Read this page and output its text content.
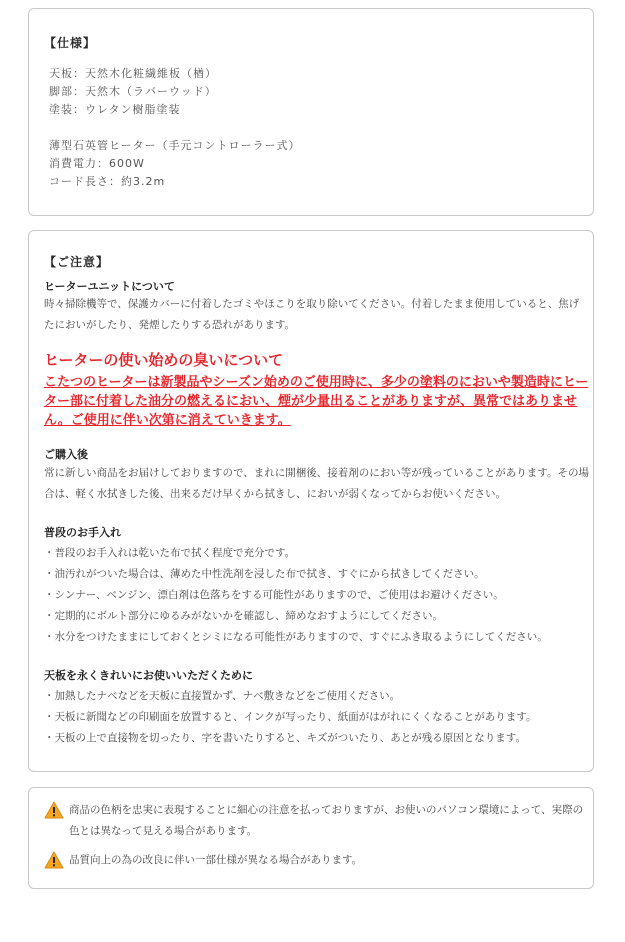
【仕様】
天板：天然木化粧繊維板（楢）
脚部：天然木（ラバーウッド）
塗装：ウレタン樹脂塗装
薄型石英管ヒーター（手元コントローラー式）
消費電力：600W
コード長さ：約3.2m
【ご注意】
ヒーターユニットについて
時々掃除機等で、保護カバーに付着したゴミやほこりを取り除いてください。付着したまま使用していると、焦げたにおいがしたり、発煙したりする恐れがあります。
ヒーターの使い始めの臭いについて
こたつのヒーターは新製品やシーズン始めのご使用時に、多少の塗料のにおいや製造時にヒーター部に付着した油分の燃えるにおい、煙が少量出ることがありますが、異常ではありません。ご使用に伴い次第に消えていきます。
ご購入後
常に新しい商品をお届けしておりますので、まれに開梱後、接着剤のにおい等が残っていることがあります。その場合は、軽く水拭きした後、出来るだけ早くから拭きし、においが弱くなってからお使いください。
普段のお手入れ
・普段のお手入れは乾いた布で拭く程度で充分です。
・油汚れがついた場合は、薄めた中性洗剤を浸した布で拭き、すぐにから拭きしてください。
・シンナー、ベンジン、漂白剤は色落ちをする可能性がありますので、ご使用はお避けください。
・定期的にボルト部分にゆるみがないかを確認し、締めなおすようにしてください。
・水分をつけたままにしておくとシミになる可能性がありますので、すぐにふき取るようにしてください。
天板を永くきれいにお使いいただくために
・加熱したナベなどを天板に直接置かず、ナベ敷きなどをご使用ください。
・天板に新聞などの印刷面を放置すると、インクが写ったり、紙面がはがれにくくなることがあります。
・天板の上で直接物を切ったり、字を書いたりすると、キズがついたり、あとが残る原因となります。
商品の色柄を忠実に表現することに細心の注意を払っておりますが、お使いのパソコン環境によって、実際の色とは異なって見える場合があります。
品質向上の為の改良に伴い一部仕様が異なる場合があります。
